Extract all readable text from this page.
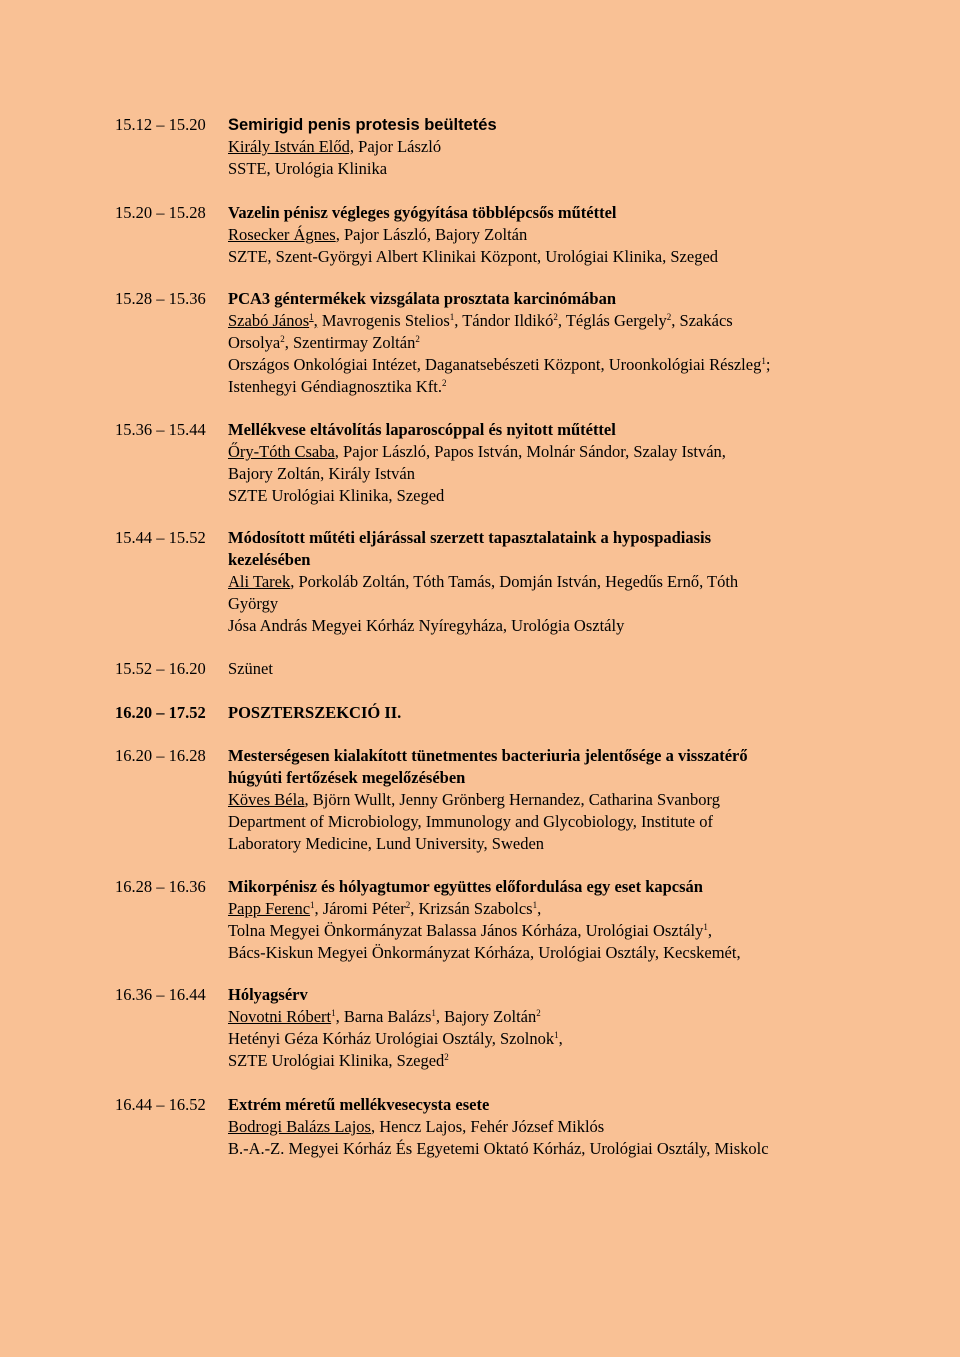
15.12 – 15.20 Semirigid penis protesis beültetés
Király István Előd, Pajor László
SSTE, Urológia Klinika
15.20 – 15.28 Vazelin pénisz végleges gyógyítása többlépcsős műtéttel
Rosecker Ágnes, Pajor László, Bajory Zoltán
SZTE, Szent-Györgyi Albert Klinikai Központ, Urológiai Klinika, Szeged
15.28 – 15.36 PCA3 géntermékek vizsgálata prosztata karcinómában
Szabó János$^1$, Mavrogenis Stelios$^1$, Tándor Ildikó$^2$, Téglás Gergely$^2$, Szakács
Orsolya$^2$, Szentirmay Zoltán$^2$
Országos Onkológiai Intézet, Daganatsebészeti Központ, Uroonkológiai Részleg$^1$;
Istenhegyi Géndiagnosztika Kft.$^2$
15.36 – 15.44 Mellékvese eltávolítás laparoscóppal és nyitott műtéttel
Őry-Tóth Csaba, Pajor László, Papos István, Molnár Sándor, Szalay István,
Bajory Zoltán, Király István
SZTE Urológiai Klinika, Szeged
15.44 – 15.52 Módosított műtéti eljárással szerzett tapasztalataink a hypospadiasis
kezelésében
Ali Tarek, Porkoláb Zoltán, Tóth Tamás, Domján István, Hegedűs Ernő, Tóth
György
Jósa András Megyei Kórház Nyíregyháza, Urológia Osztály
15.52 – 16.20 Szünet
16.20 – 17.52 POSZTERSZEKCIÓ II.
16.20 – 16.28 Mesterségesen kialakított tünetmentes bacteriuria jelentősége a visszatérő
húgyúti fertőzések megelőzésében
Köves Béla, Björn Wullt, Jenny Grönberg Hernandez, Catharina Svanborg
Department of Microbiology, Immunology and Glycobiology, Institute of
Laboratory Medicine, Lund University, Sweden
16.28 – 16.36 Mikorpénisz és hólyagtumor együttes előfordulása egy eset kapcsán
Papp Ferenc$^1$, Járomi Péter$^2$, Krizsán Szabolcs$^1$,
Tolna Megyei Önkormányzat Balassa János Kórháza, Urológiai Osztály$^1$,
Bács-Kiskun Megyei Önkormányzat Kórháza, Urológiai Osztály, Kecskemét,
16.36 – 16.44 Hólyagsérv
Novotni Róbert$^1$, Barna Balázs$^1$, Bajory Zoltán$^2$
Hetényi Géza Kórház Urológiai Osztály, Szolnok$^1$,
SZTE Urológiai Klinika, Szeged$^2$
16.44 – 16.52 Extrém méretű mellékvesecysta esete
Bodrogi Balázs Lajos, Hencz Lajos, Fehér József Miklós
B.-A.-Z. Megyei Kórház És Egyetemi Oktató Kórház, Urológiai Osztály, Miskolc
